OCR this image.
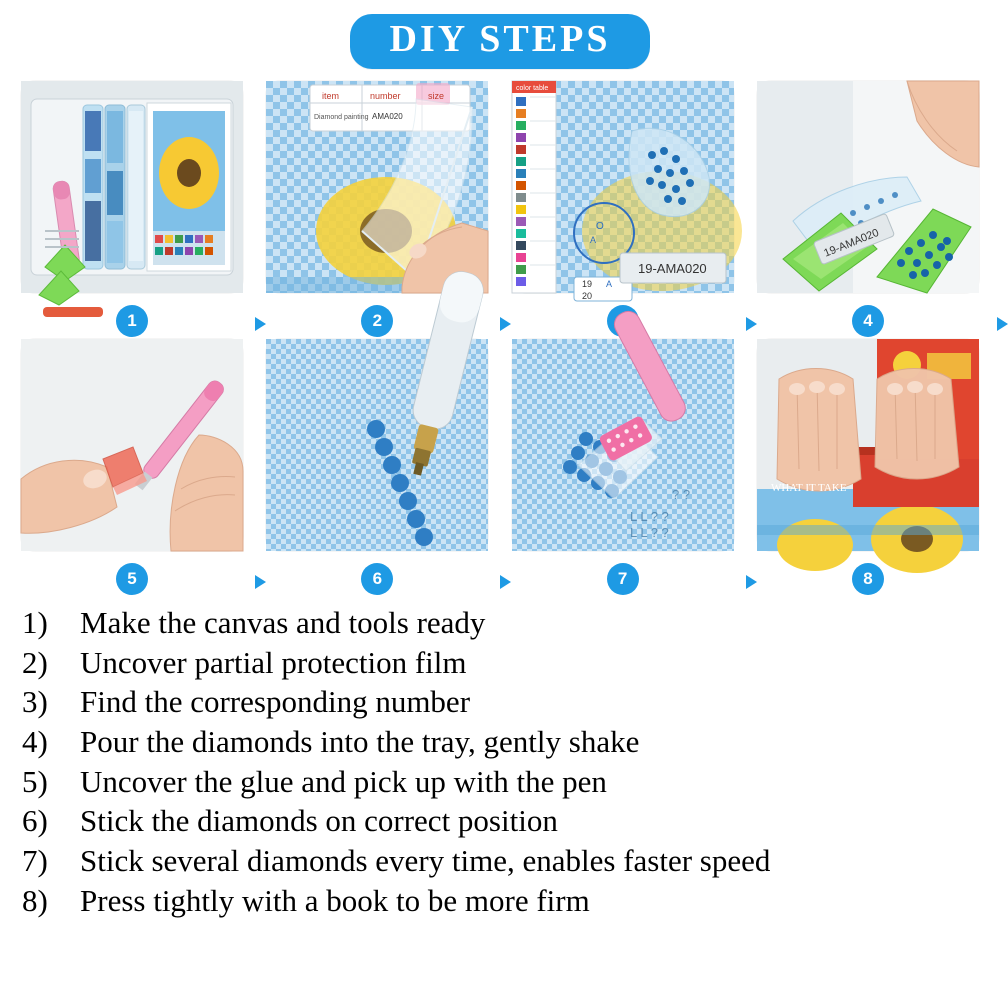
DIY STEPS
1
item	number	size
Diamond painting AMA020
2
color table
O
A
19 A
20
19-AMA020
19-AMA020
4
5	6
L L ? ?
L L ? ?
? ?
7
WHAT IT TAKE
8
1)	Make the canvas and tools ready
2)	Uncover partial protection film
3)	Find the corresponding number
4)	Pour the diamonds into the tray, gently shake
5)	Uncover the glue and pick up with the pen
6)	Stick the diamonds on correct position
7)	Stick several diamonds every time, enables faster speed
8)	Press tightly with a book to be more firm
